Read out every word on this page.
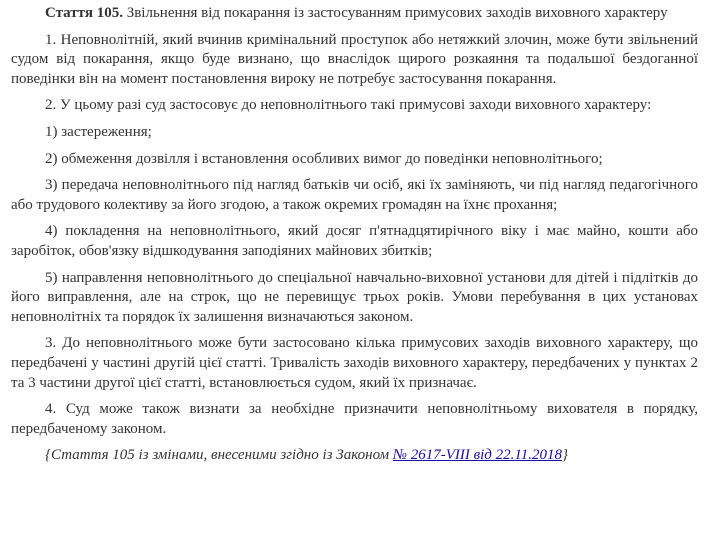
Стаття 105. Звільнення від покарання із застосуванням примусових заходів виховного характеру

1. Неповнолітній, який вчинив кримінальний проступок або нетяжкий злочин, може бути звільнений судом від покарання, якщо буде визнано, що внаслідок щирого розкаяння та подальшої бездоганної поведінки він на момент постановлення вироку не потребує застосування покарання.

2. У цьому разі суд застосовує до неповнолітнього такі примусові заходи виховного характеру:

1) застереження;

2) обмеження дозвілля і встановлення особливих вимог до поведінки неповнолітнього;

3) передача неповнолітнього під нагляд батьків чи осіб, які їх заміняють, чи під нагляд педагогічного або трудового колективу за його згодою, а також окремих громадян на їхнє прохання;

4) покладення на неповнолітнього, який досяг п'ятнадцятирічного віку і має майно, кошти або заробіток, обов'язку відшкодування заподіяних майнових збитків;

5) направлення неповнолітнього до спеціальної навчально-виховної установи для дітей і підлітків до його виправлення, але на строк, що не перевищує трьох років. Умови перебування в цих установах неповнолітніх та порядок їх залишення визначаються законом.

3. До неповнолітнього може бути застосовано кілька примусових заходів виховного характеру, що передбачені у частині другій цієї статті. Тривалість заходів виховного характеру, передбачених у пунктах 2 та 3 частини другої цієї статті, встановлюється судом, який їх призначає.

4. Суд може також визнати за необхідне призначити неповнолітньому вихователя в порядку, передбаченому законом.

{Стаття 105 із змінами, внесеними згідно із Законом № 2617-VIII від 22.11.2018}
